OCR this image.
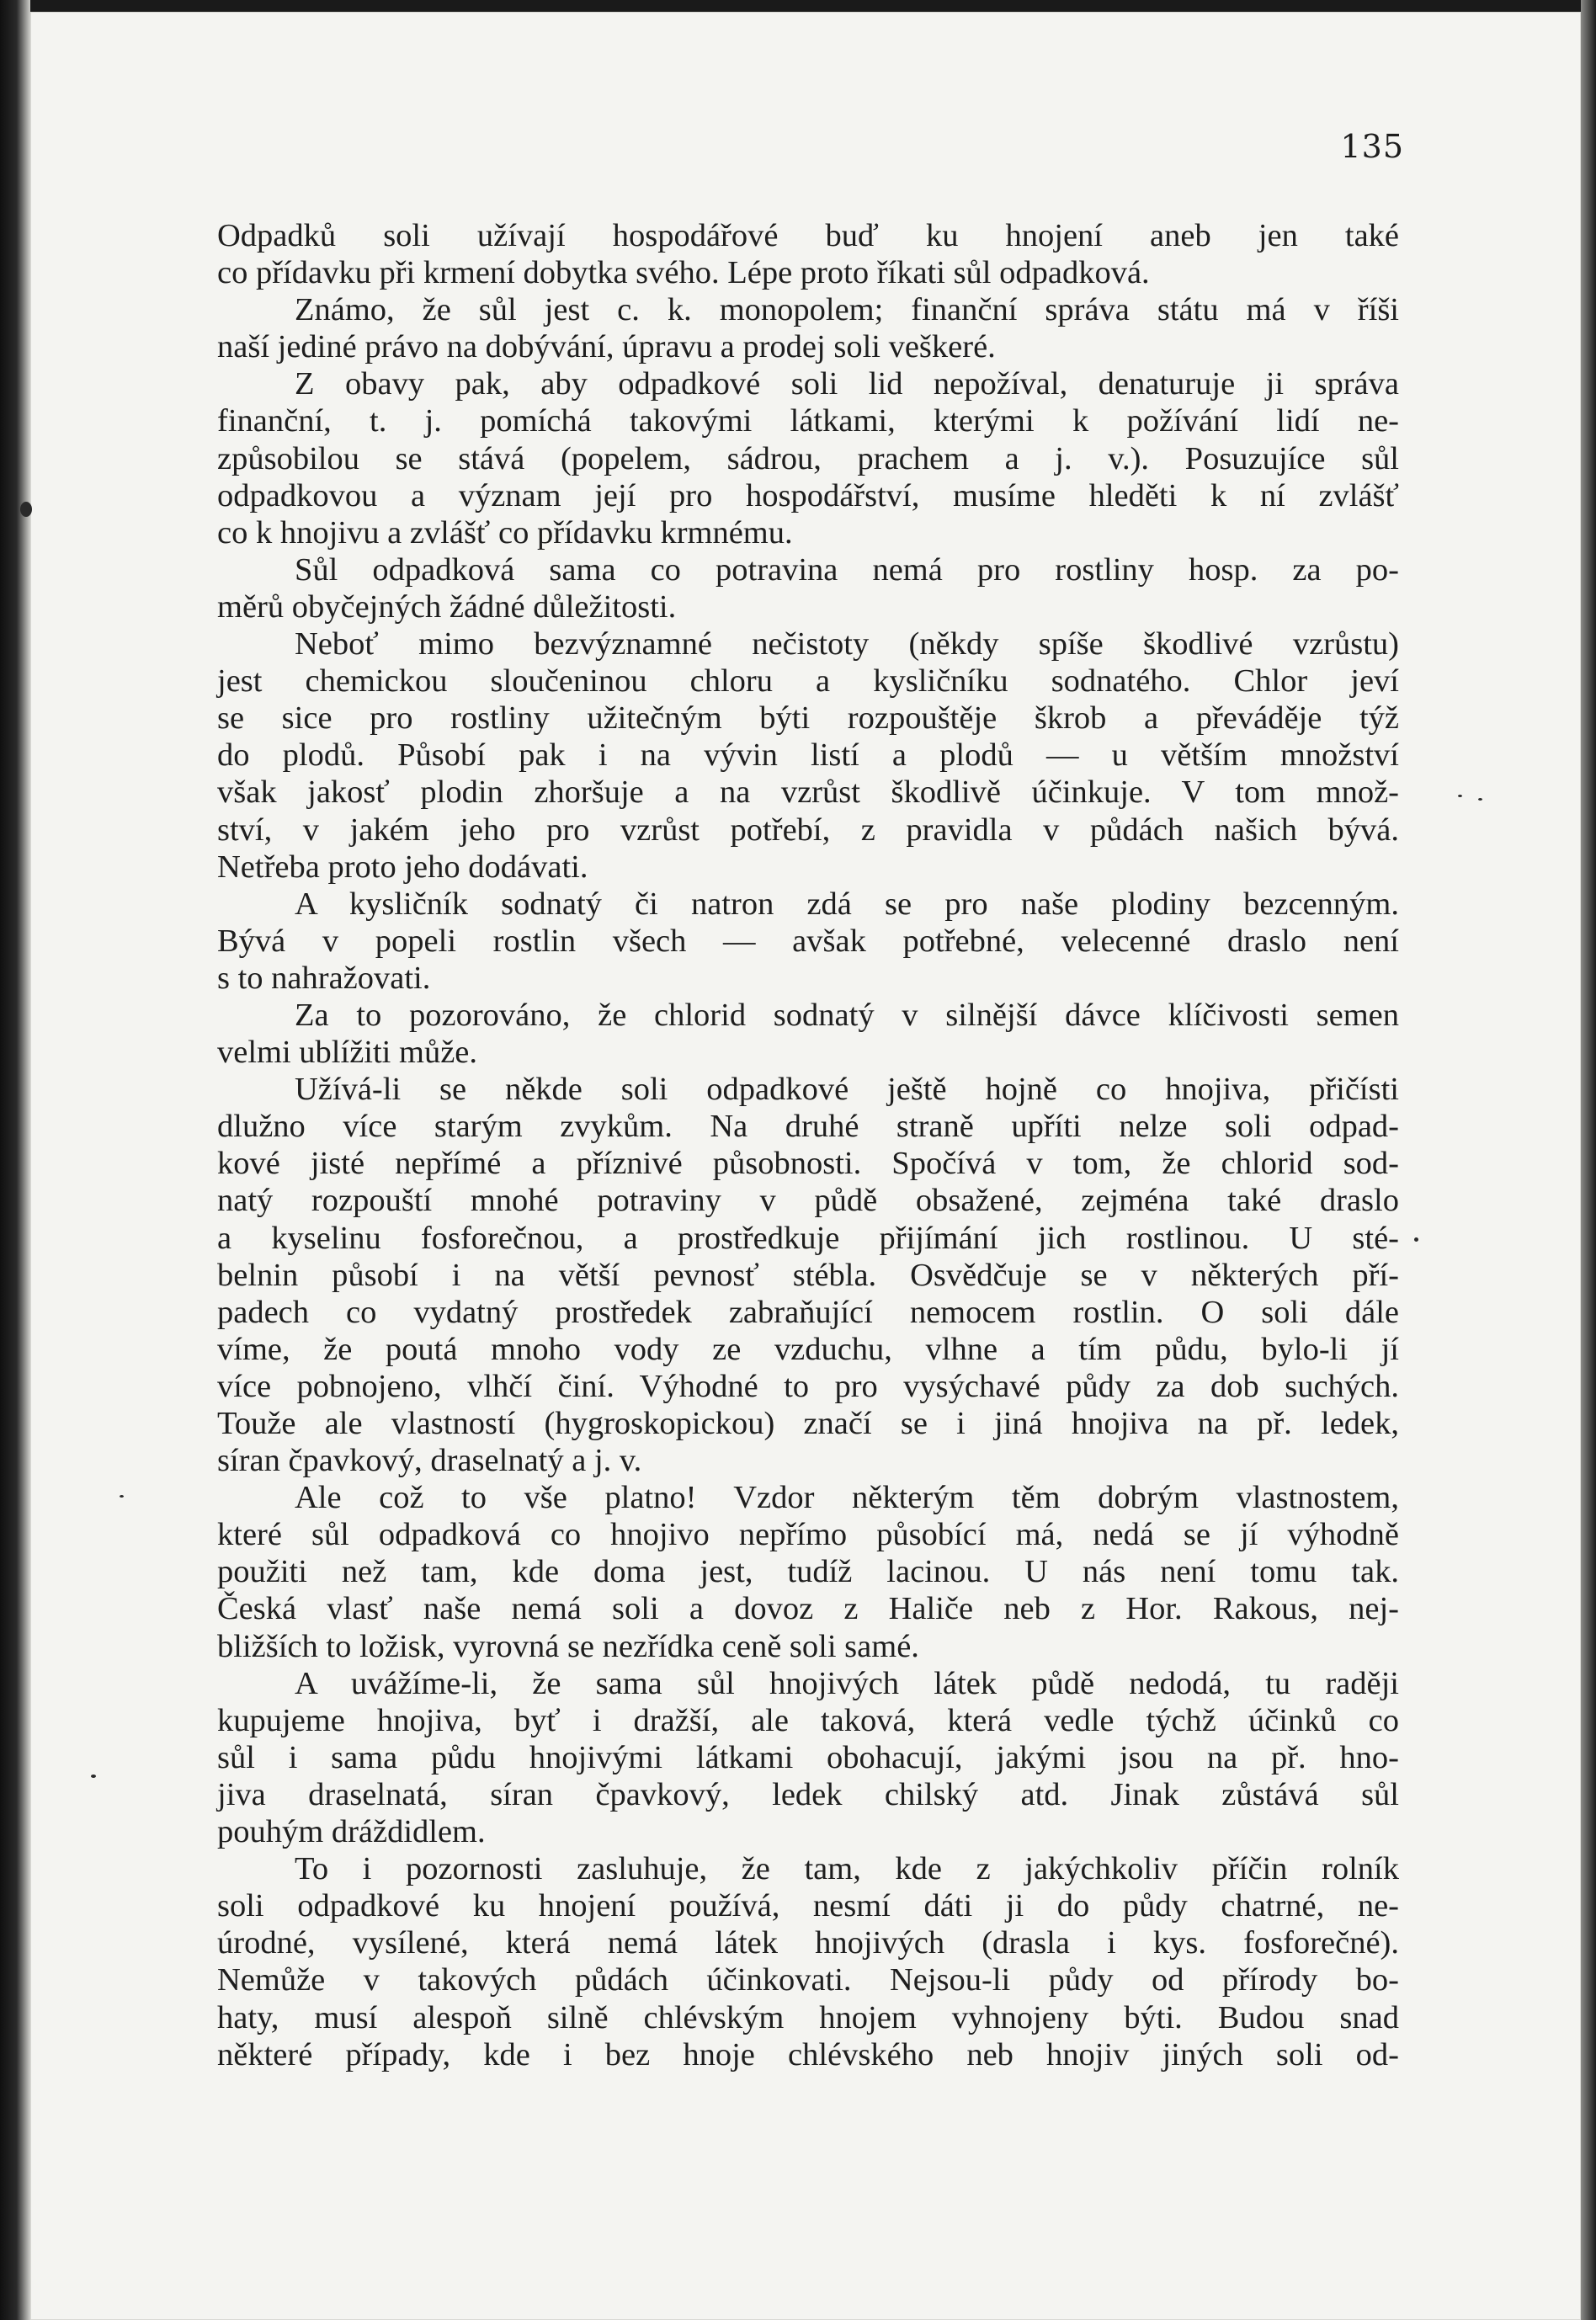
135
Odpadků soli užívají hospodářové buď ku hnojení aneb jen také
co přídavku při krmení dobytka svého. Lépe proto říkati sůl odpadková.
Známo, že sůl jest c. k. monopolem; finanční správa státu má v říši
naší jediné právo na dobývání, úpravu a prodej soli veškeré.
Z obavy pak, aby odpadkové soli lid nepožíval, denaturuje ji správa
finanční, t. j. pomíchá takovými látkami, kterými k požívání lidí ne-
způsobilou se stává (popelem, sádrou, prachem a j. v.). Posuzujíce sůl
odpadkovou a význam její pro hospodářství, musíme hleděti k ní zvlášť
co k hnojivu a zvlášť co přídavku krmnému.
Sůl odpadková sama co potravina nemá pro rostliny hosp. za po-
měrů obyčejných žádné důležitosti.
Neboť mimo bezvýznamné nečistoty (někdy spíše škodlivé vzrůstu)
jest chemickou sloučeninou chloru a kysličníku sodnatého. Chlor jeví
se sice pro rostliny užitečným býti rozpouštěje škrob a převáděje týž
do plodů. Působí pak i na vývin listí a plodů — u větším množství
však jakosť plodin zhoršuje a na vzrůst škodlivě účinkuje. V tom množ-
ství, v jakém jeho pro vzrůst potřebí, z pravidla v půdách našich bývá.
Netřeba proto jeho dodávati.
A kysličník sodnatý či natron zdá se pro naše plodiny bezcenným.
Bývá v popeli rostlin všech — avšak potřebné, velecenné draslo není
s to nahražovati.
Za to pozorováno, že chlorid sodnatý v silnější dávce klíčivosti semen
velmi ublížiti může.
Užívá-li se někde soli odpadkové ještě hojně co hnojiva, přičísti
dlužno více starým zvykům. Na druhé straně upříti nelze soli odpad-
kové jisté nepřímé a příznivé působnosti. Spočívá v tom, že chlorid sod-
natý rozpouští mnohé potraviny v půdě obsažené, zejména také draslo
a kyselinu fosforečnou, a prostředkuje přijímání jich rostlinou. U sté-
belnin působí i na větší pevnosť stébla. Osvědčuje se v některých pří-
padech co vydatný prostředek zabraňující nemocem rostlin. O soli dále
víme, že poutá mnoho vody ze vzduchu, vlhne a tím půdu, bylo-li jí
více pobnojeno, vlhčí činí. Výhodné to pro vysýchavé půdy za dob suchých.
Touže ale vlastností (hygroskopickou) značí se i jiná hnojiva na př. ledek,
síran čpavkový, draselnatý a j. v.
Ale což to vše platno! Vzdor některým těm dobrým vlastnostem,
které sůl odpadková co hnojivo nepřímo působící má, nedá se jí výhodně
použiti než tam, kde doma jest, tudíž lacinou. U nás není tomu tak.
Česká vlasť naše nemá soli a dovoz z Haliče neb z Hor. Rakous, nej-
bližších to ložisk, vyrovná se nezřídka ceně soli samé.
A uvážíme-li, že sama sůl hnojivých látek půdě nedodá, tu raději
kupujeme hnojiva, byť i dražší, ale taková, která vedle týchž účinků co
sůl i sama půdu hnojivými látkami obohacují, jakými jsou na př. hno-
jiva draselnatá, síran čpavkový, ledek chilský atd. Jinak zůstává sůl
pouhým dráždidlem.
To i pozornosti zasluhuje, že tam, kde z jakýchkoliv příčin rolník
soli odpadkové ku hnojení používá, nesmí dáti ji do půdy chatrné, ne-
úrodné, vysílené, která nemá látek hnojivých (drasla i kys. fosforečné).
Nemůže v takových půdách účinkovati. Nejsou-li půdy od přírody bo-
haty, musí alespoň silně chlévským hnojem vyhnojeny býti. Budou snad
některé případy, kde i bez hnoje chlévského neb hnojiv jiných soli od-
